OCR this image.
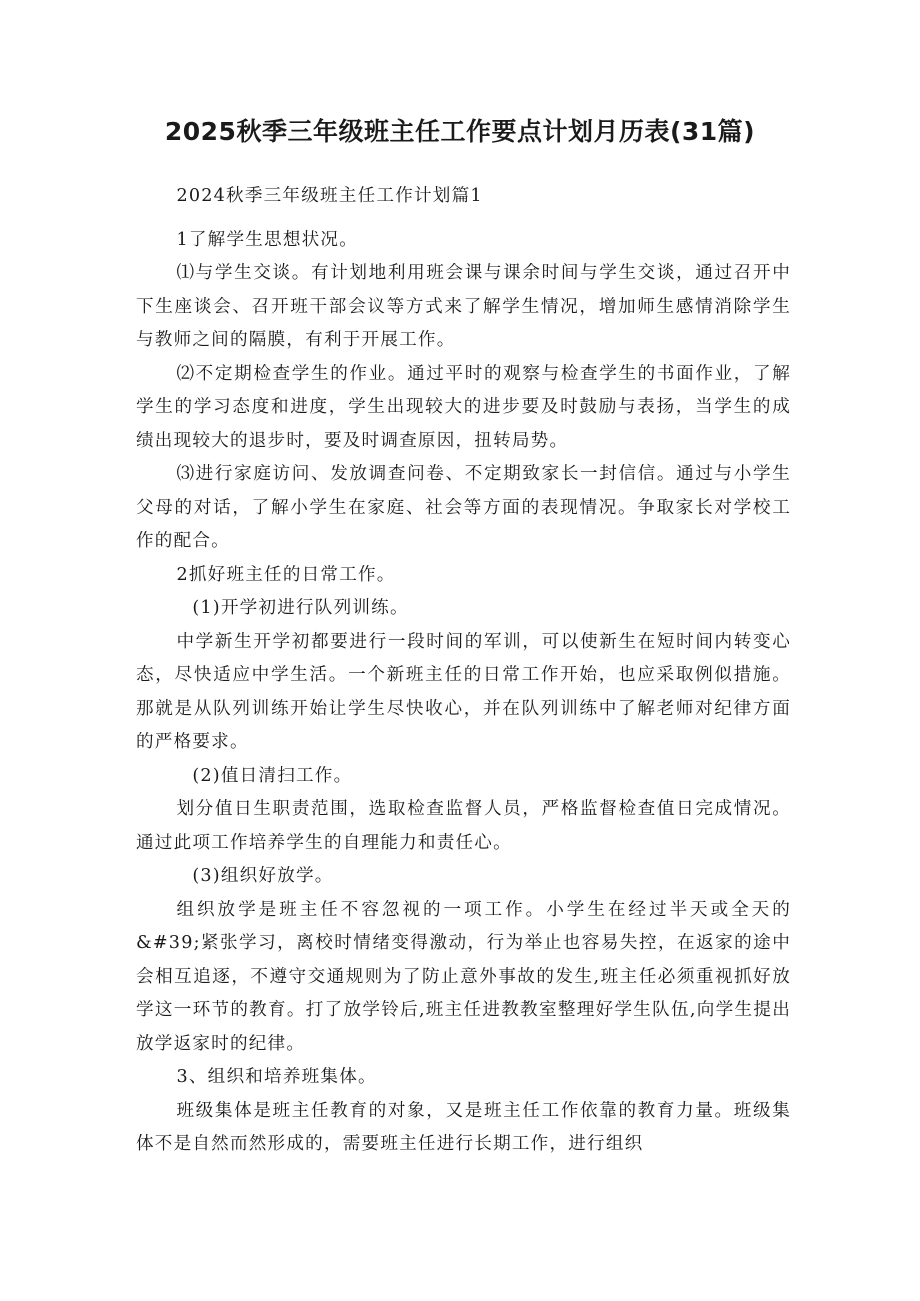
2025秋季三年级班主任工作要点计划月历表(31篇)

2024秋季三年级班主任工作计划篇1

1了解学生思想状况。

⑴与学生交谈。有计划地利用班会课与课余时间与学生交谈，通过召开中下生座谈会、召开班干部会议等方式来了解学生情况，增加师生感情消除学生与教师之间的隔膜，有利于开展工作。

⑵不定期检查学生的作业。通过平时的观察与检查学生的书面作业，了解学生的学习态度和进度，学生出现较大的进步要及时鼓励与表扬，当学生的成绩出现较大的退步时，要及时调查原因，扭转局势。

⑶进行家庭访问、发放调查问卷、不定期致家长一封信信。通过与小学生父母的对话，了解小学生在家庭、社会等方面的表现情况。争取家长对学校工作的配合。

2抓好班主任的日常工作。

(1)开学初进行队列训练。

中学新生开学初都要进行一段时间的军训，可以使新生在短时间内转变心态，尽快适应中学生活。一个新班主任的日常工作开始，也应采取例似措施。那就是从队列训练开始让学生尽快收心，并在队列训练中了解老师对纪律方面的严格要求。

(2)值日清扫工作。

划分值日生职责范围，选取检查监督人员，严格监督检查值日完成情况。通过此项工作培养学生的自理能力和责任心。

(3)组织好放学。

组织放学是班主任不容忽视的一项工作。小学生在经过半天或全天的&#39;紧张学习，离校时情绪变得激动，行为举止也容易失控，在返家的途中会相互追逐，不遵守交通规则为了防止意外事故的发生,班主任必须重视抓好放学这一环节的教育。打了放学铃后,班主任进教教室整理好学生队伍,向学生提出放学返家时的纪律。

3、组织和培养班集体。

班级集体是班主任教育的对象，又是班主任工作依靠的教育力量。班级集体不是自然而然形成的，需要班主任进行长期工作，进行组织
